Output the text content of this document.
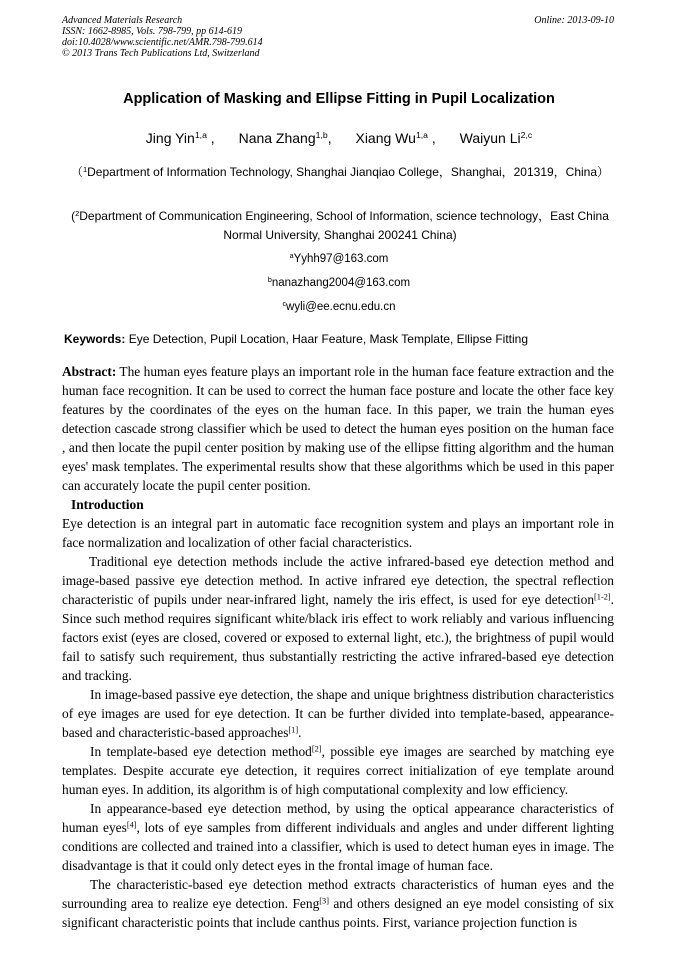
Advanced Materials Research
ISSN: 1662-8985, Vols. 798-799, pp 614-619
doi:10.4028/www.scientific.net/AMR.798-799.614
© 2013 Trans Tech Publications Ltd, Switzerland
Online: 2013-09-10
Application of Masking and Ellipse Fitting in Pupil Localization
Jing Yin$^{1,a}$ , Nana Zhang$^{1,b}$, Xiang Wu$^{1,a}$ , Waiyun Li$^{2,c}$
（$^1$Department of Information Technology, Shanghai Jianqiao College，Shanghai，201319，China）
($^2$Department of Communication Engineering, School of Information, science technology，East China Normal University, Shanghai 200241 China)
$^a$Yyhh97@163.com
$^b$nanazhang2004@163.com
$^c$wyli@ee.ecnu.edu.cn
Keywords: Eye Detection, Pupil Location, Haar Feature, Mask Template, Ellipse Fitting

Abstract: The human eyes feature plays an important role in the human face feature extraction and the human face recognition. It can be used to correct the human face posture and locate the other face key features by the coordinates of the eyes on the human face. In this paper, we train the human eyes detection cascade strong classifier which be used to detect the human eyes position on the human face , and then locate the pupil center position by making use of the ellipse fitting algorithm and the human eyes' mask templates. The experimental results show that these algorithms which be used in this paper can accurately locate the pupil center position.

Introduction

Eye detection is an integral part in automatic face recognition system and plays an important role in face normalization and localization of other facial characteristics.

Traditional eye detection methods include the active infrared-based eye detection method and image-based passive eye detection method. In active infrared eye detection, the spectral reflection characteristic of pupils under near-infrared light, namely the iris effect, is used for eye detection[1-2]. Since such method requires significant white/black iris effect to work reliably and various influencing factors exist (eyes are closed, covered or exposed to external light, etc.), the brightness of pupil would fail to satisfy such requirement, thus substantially restricting the active infrared-based eye detection and tracking.

In image-based passive eye detection, the shape and unique brightness distribution characteristics of eye images are used for eye detection. It can be further divided into template-based, appearance-based and characteristic-based approaches[1].

In template-based eye detection method[2], possible eye images are searched by matching eye templates. Despite accurate eye detection, it requires correct initialization of eye template around human eyes. In addition, its algorithm is of high computational complexity and low efficiency.

In appearance-based eye detection method, by using the optical appearance characteristics of human eyes[4], lots of eye samples from different individuals and angles and under different lighting conditions are collected and trained into a classifier, which is used to detect human eyes in image. The disadvantage is that it could only detect eyes in the frontal image of human face.

The characteristic-based eye detection method extracts characteristics of human eyes and the surrounding area to realize eye detection. Feng[3] and others designed an eye model consisting of six significant characteristic points that include canthus points. First, variance projection function is
